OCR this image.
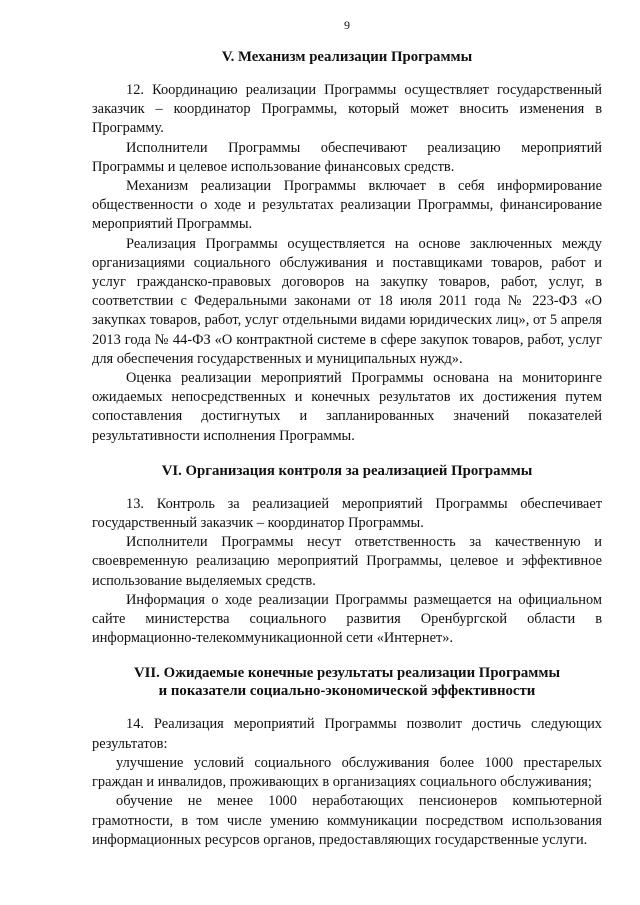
9
V. Механизм реализации Программы

12. Координацию реализации Программы осуществляет государственный заказчик – координатор Программы, который может вносить изменения в Программу.

Исполнители Программы обеспечивают реализацию мероприятий Программы и целевое использование финансовых средств.

Механизм реализации Программы включает в себя информирование общественности о ходе и результатах реализации Программы, финансирование мероприятий Программы.

Реализация Программы осуществляется на основе заключенных между организациями социального обслуживания и поставщиками товаров, работ и услуг гражданско-правовых договоров на закупку товаров, работ, услуг, в соответствии с Федеральными законами от 18 июля 2011 года № 223-ФЗ «О закупках товаров, работ, услуг отдельными видами юридических лиц», от 5 апреля 2013 года № 44-ФЗ «О контрактной системе в сфере закупок товаров, работ, услуг для обеспечения государственных и муниципальных нужд».

Оценка реализации мероприятий Программы основана на мониторинге ожидаемых непосредственных и конечных результатов их достижения путем сопоставления достигнутых и запланированных значений показателей результативности исполнения Программы.

VI. Организация контроля за реализацией Программы

13. Контроль за реализацией мероприятий Программы обеспечивает государственный заказчик – координатор Программы.

Исполнители Программы несут ответственность за качественную и своевременную реализацию мероприятий Программы, целевое и эффективное использование выделяемых средств.

Информация о ходе реализации Программы размещается на официальном сайте министерства социального развития Оренбургской области в информационно-телекоммуникационной сети «Интернет».

VII. Ожидаемые конечные результаты реализации Программы
и показатели социально-экономической эффективности

14. Реализация мероприятий Программы позволит достичь следующих результатов:

улучшение условий социального обслуживания более 1000 престарелых граждан и инвалидов, проживающих в организациях социального обслуживания;

обучение не менее 1000 неработающих пенсионеров компьютерной грамотности, в том числе умению коммуникации посредством использования информационных ресурсов органов, предоставляющих государственные услуги.
